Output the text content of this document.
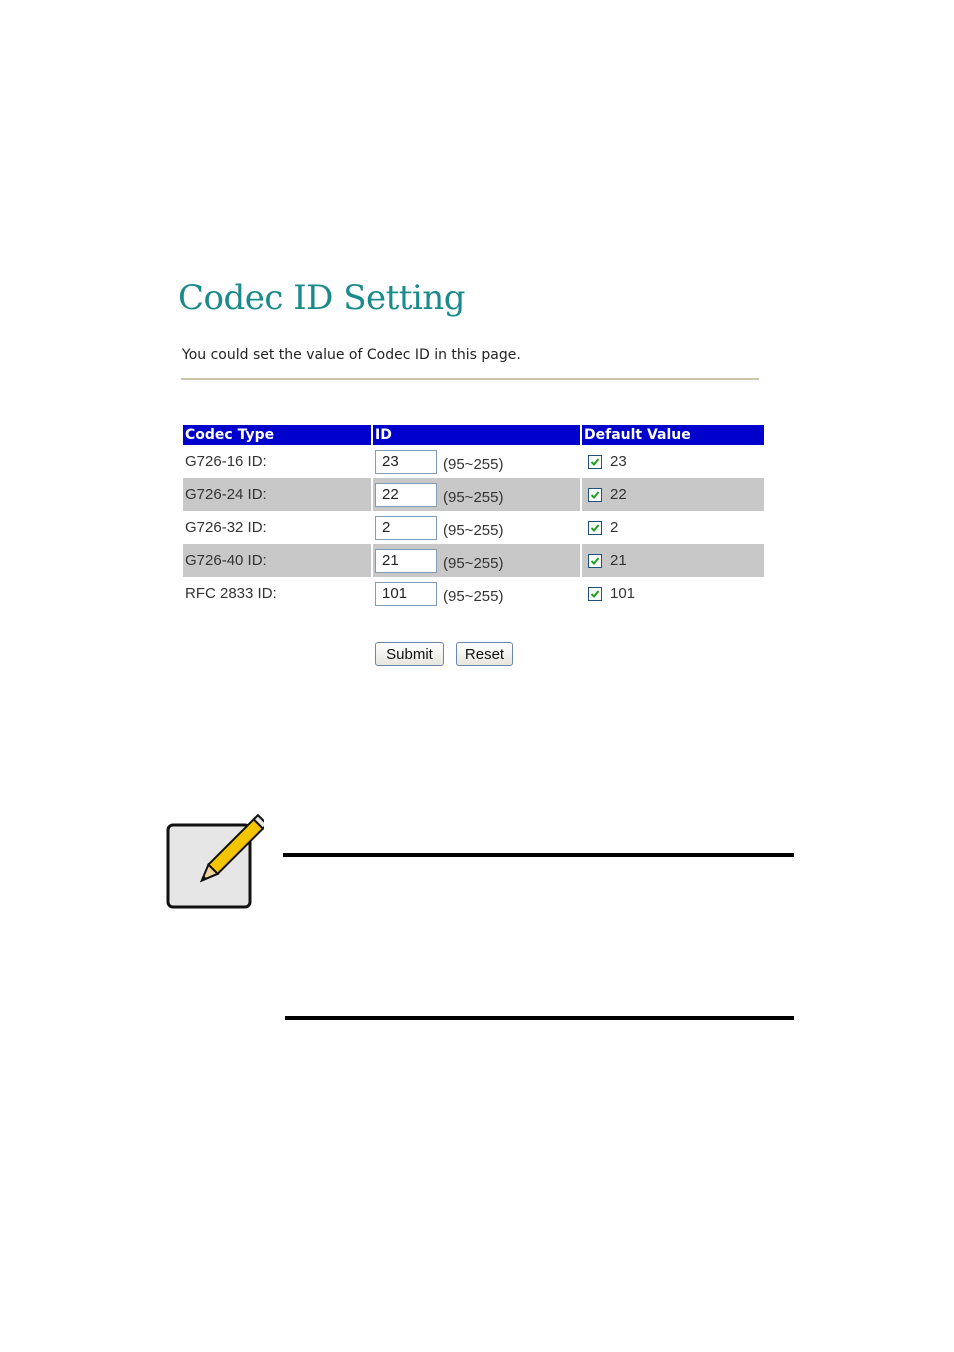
Codec ID Setting
You could set the value of Codec ID in this page.
Codec Type	ID	Default Value
G726-16 ID:	23(95~255)	23
G726-24 ID:	22(95~255)	22
G726-32 ID:	2(95~255)	2
G726-40 ID:	21(95~255)	21
RFC 2833 ID:	101(95~255)	101
Submit	Reset
